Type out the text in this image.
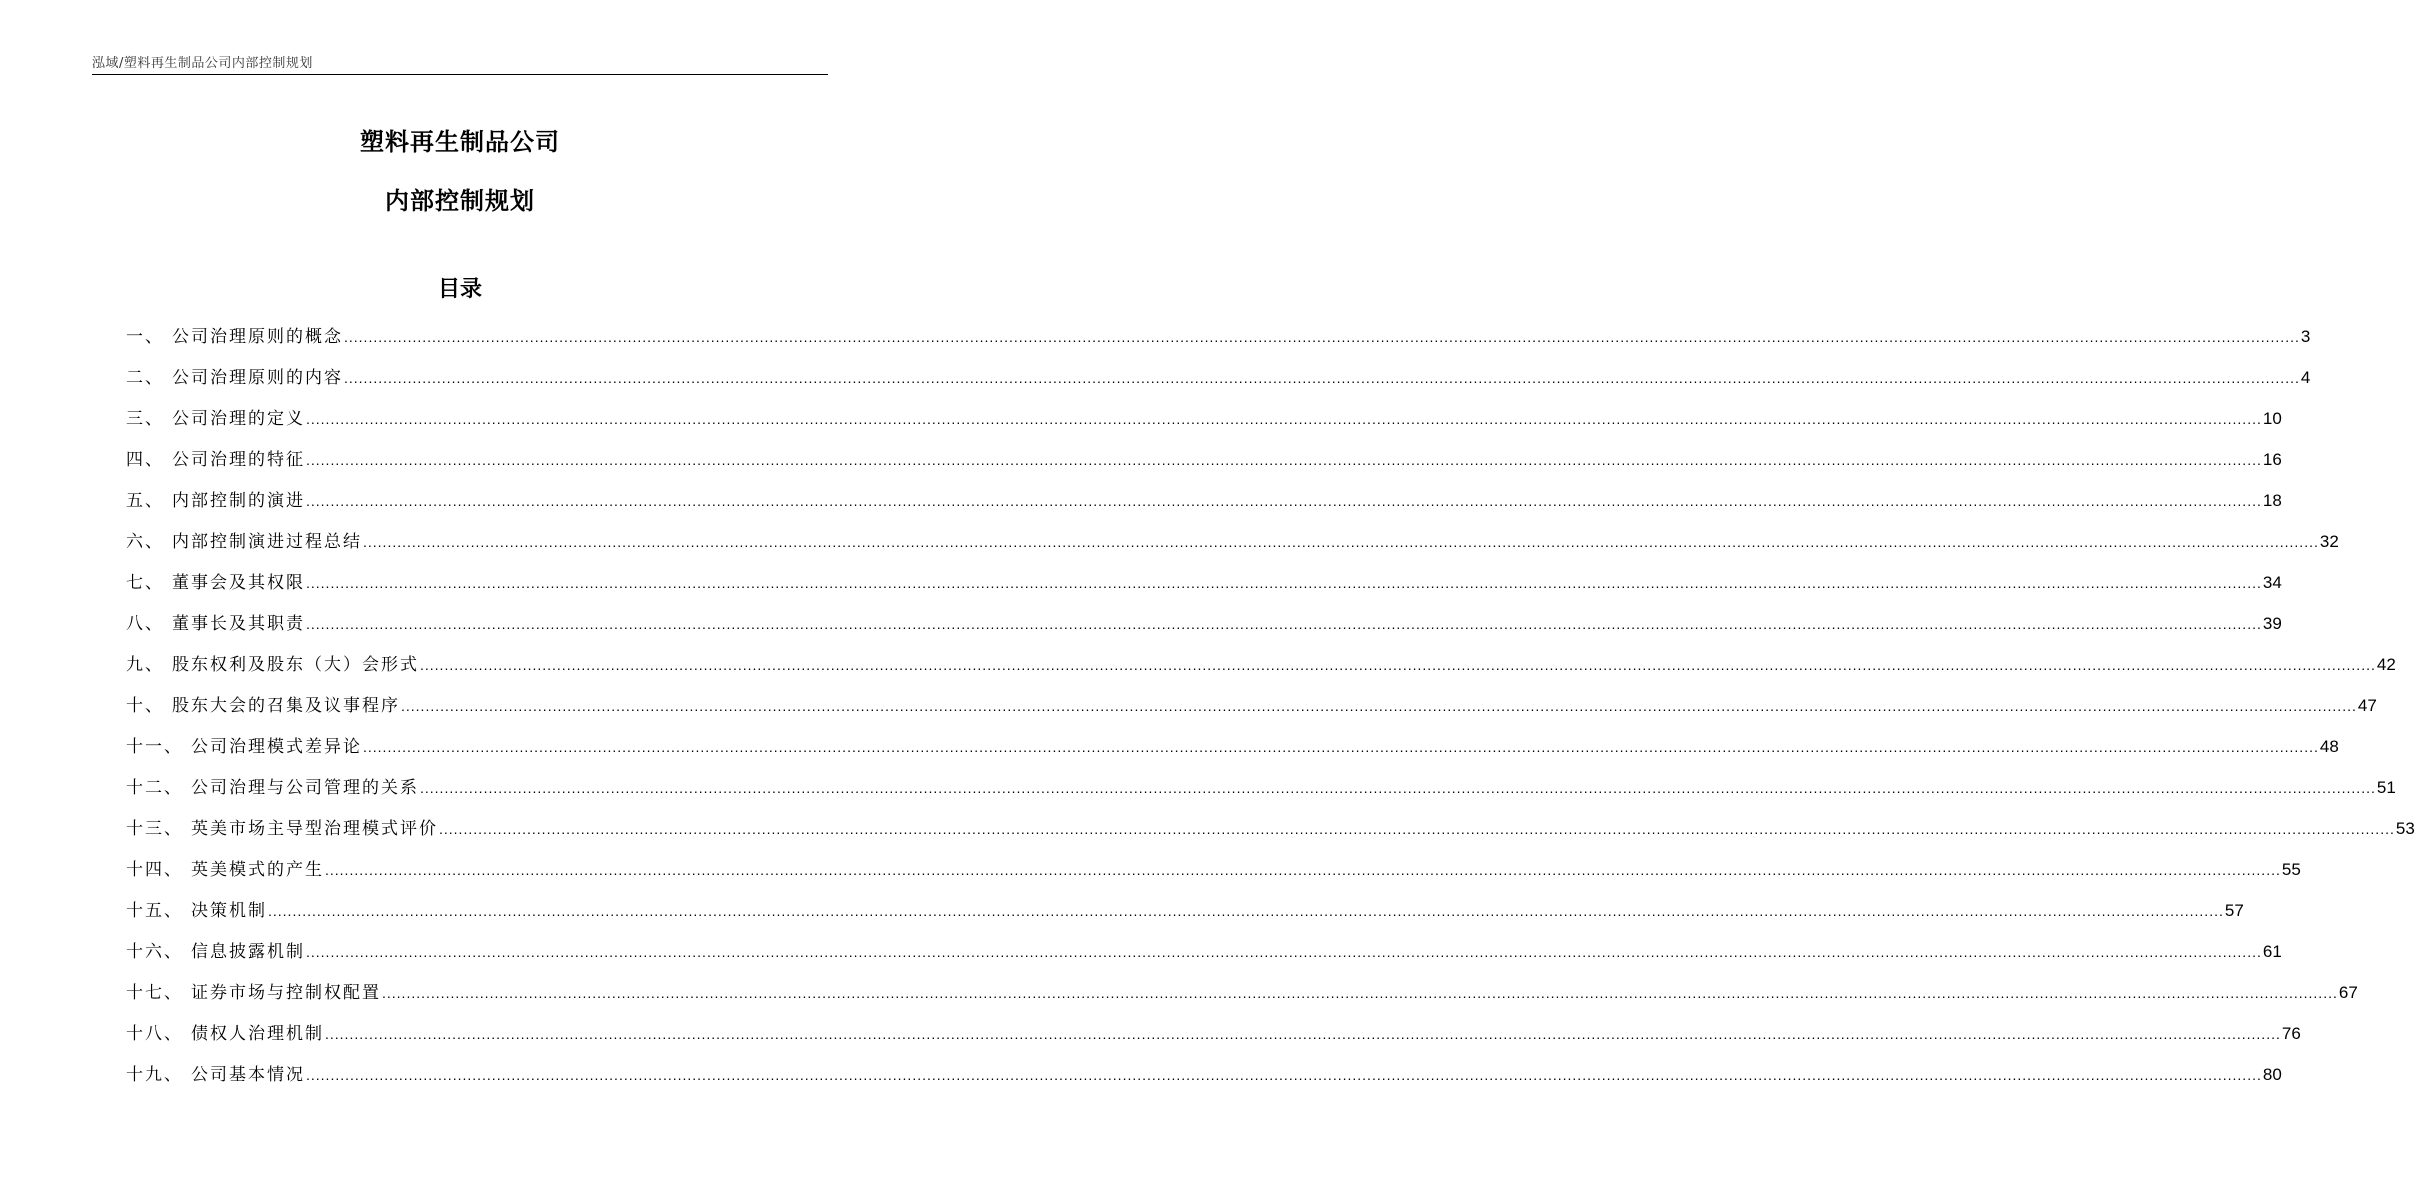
泓域/塑料再生制品公司内部控制规划
塑料再生制品公司
内部控制规划
目录
一、 公司治理原则的概念 ................................................................................................................................................................................................................................................................................................................................................................................................................ 3
二、 公司治理原则的内容 ................................................................................................................................................................................................................................................................................................................................................................................................................ 4
三、 公司治理的定义 ................................................................................................................................................................................................................................................................................................................................................................................................................ 10
四、 公司治理的特征 ................................................................................................................................................................................................................................................................................................................................................................................................................ 16
五、 内部控制的演进 ................................................................................................................................................................................................................................................................................................................................................................................................................ 18
六、 内部控制演进过程总结 ................................................................................................................................................................................................................................................................................................................................................................................................................ 32
七、 董事会及其权限 ................................................................................................................................................................................................................................................................................................................................................................................................................ 34
八、 董事长及其职责 ................................................................................................................................................................................................................................................................................................................................................................................................................ 39
九、 股东权利及股东（大）会形式 ................................................................................................................................................................................................................................................................................................................................................................................................................ 42
十、 股东大会的召集及议事程序 ................................................................................................................................................................................................................................................................................................................................................................................................................ 47
十一、 公司治理模式差异论 ................................................................................................................................................................................................................................................................................................................................................................................................................ 48
十二、 公司治理与公司管理的关系 ................................................................................................................................................................................................................................................................................................................................................................................................................ 51
十三、 英美市场主导型治理模式评价 ................................................................................................................................................................................................................................................................................................................................................................................................................ 53
十四、 英美模式的产生 ................................................................................................................................................................................................................................................................................................................................................................................................................ 55
十五、 决策机制 ................................................................................................................................................................................................................................................................................................................................................................................................................ 57
十六、 信息披露机制 ................................................................................................................................................................................................................................................................................................................................................................................................................ 61
十七、 证券市场与控制权配置 ................................................................................................................................................................................................................................................................................................................................................................................................................ 67
十八、 债权人治理机制 ................................................................................................................................................................................................................................................................................................................................................................................................................ 76
十九、 公司基本情况 ................................................................................................................................................................................................................................................................................................................................................................................................................ 80
